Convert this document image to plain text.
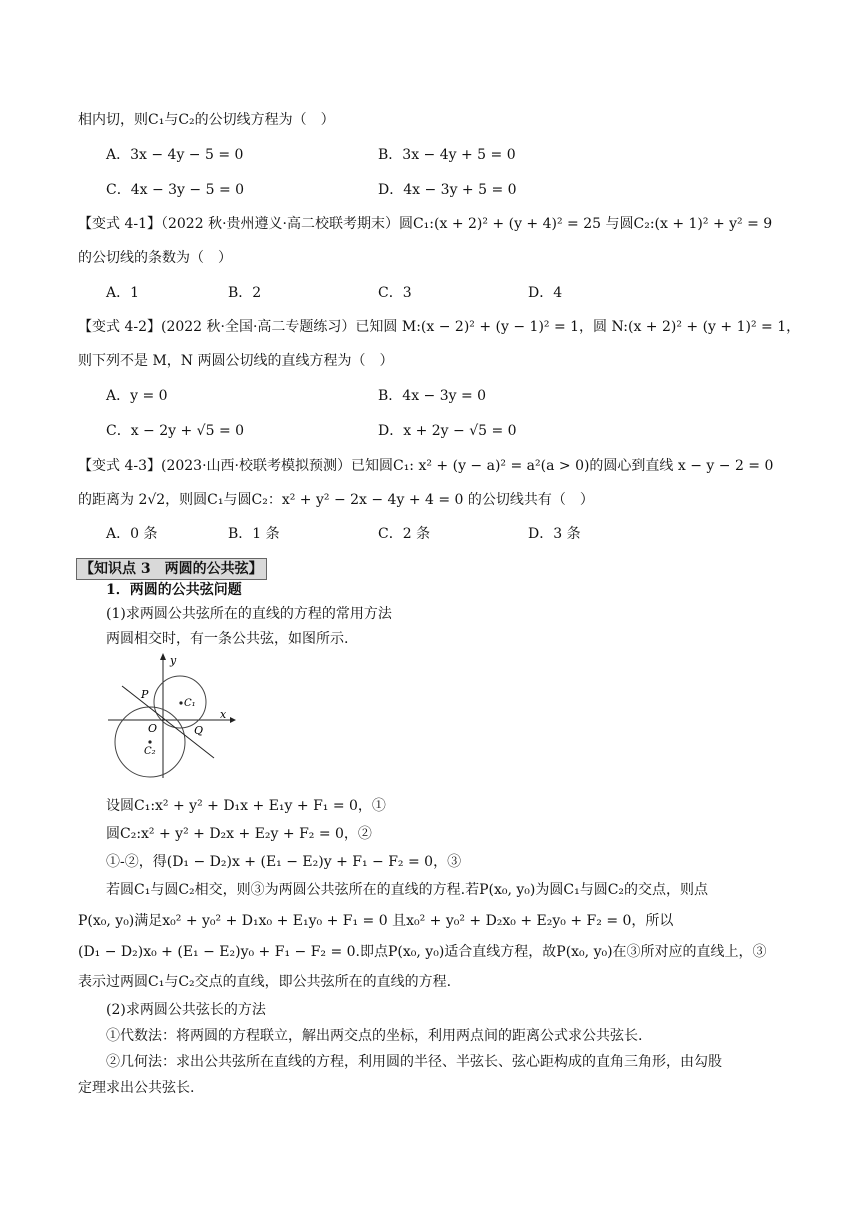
相内切，则C₁与C₂的公切线方程为（　）
A．3x − 4y − 5 = 0	B．3x − 4y + 5 = 0
C．4x − 3y − 5 = 0	D．4x − 3y + 5 = 0
【变式 4-1】（2022 秋·贵州遵义·高二校联考期末）圆C₁:(x + 2)² + (y + 4)² = 25 与圆C₂:(x + 1)² + y² = 9
的公切线的条数为（　）
A．1	B．2	C．3	D．4
【变式 4-2】(2022 秋·全国·高二专题练习）已知圆 M:(x − 2)² + (y − 1)² = 1，圆 N:(x + 2)² + (y + 1)² = 1，
则下列不是 M，N 两圆公切线的直线方程为（　）
A．y = 0	B．4x − 3y = 0
C．x − 2y + √5 = 0	D．x + 2y − √5 = 0
【变式 4-3】(2023·山西·校联考模拟预测）已知圆C₁: x² + (y − a)² = a²(a > 0)的圆心到直线 x − y − 2 = 0
的距离为 2√2，则圆C₁与圆C₂：x² + y² − 2x − 4y + 4 = 0 的公切线共有（　）
A．0 条	B．1 条	C．2 条	D．3 条
【知识点 3　两圆的公共弦】
1．两圆的公共弦问题
(1)求两圆公共弦所在的直线的方程的常用方法
两圆相交时，有一条公共弦，如图所示.
y
x
P
O	Q
C₁
C₂
设圆C₁:x² + y² + D₁x + E₁y + F₁ = 0，①
圆C₂:x² + y² + D₂x + E₂y + F₂ = 0，②
①-②，得(D₁ − D₂)x + (E₁ − E₂)y + F₁ − F₂ = 0，③
若圆C₁与圆C₂相交，则③为两圆公共弦所在的直线的方程.若P(x₀, y₀)为圆C₁与圆C₂的交点，则点
P(x₀, y₀)满足x₀² + y₀² + D₁x₀ + E₁y₀ + F₁ = 0 且x₀² + y₀² + D₂x₀ + E₂y₀ + F₂ = 0，所以
(D₁ − D₂)x₀ + (E₁ − E₂)y₀ + F₁ − F₂ = 0.即点P(x₀, y₀)适合直线方程，故P(x₀, y₀)在③所对应的直线上，③
表示过两圆C₁与C₂交点的直线，即公共弦所在的直线的方程.
(2)求两圆公共弦长的方法
①代数法：将两圆的方程联立，解出两交点的坐标，利用两点间的距离公式求公共弦长.
②几何法：求出公共弦所在直线的方程，利用圆的半径、半弦长、弦心距构成的直角三角形，由勾股
定理求出公共弦长.
